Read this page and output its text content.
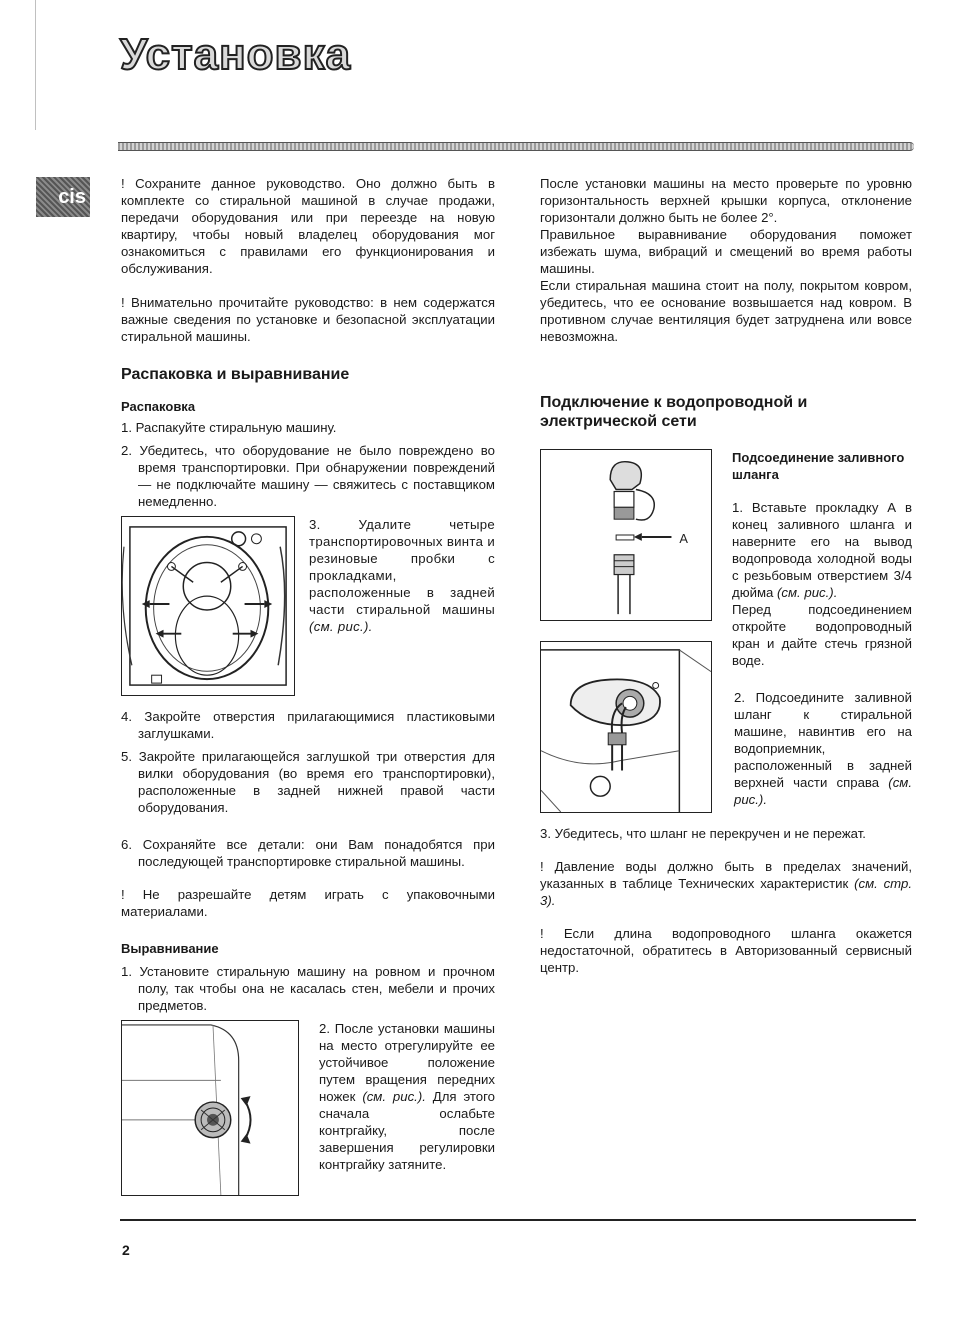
Установка
cis

! Сохраните данное руководство. Оно должно быть в комплекте со стиральной машиной в случае продажи, передачи оборудования или при переезде на новую квартиру, чтобы новый владелец оборудования мог ознакомиться с правилами его функционирования и обслуживания.

! Внимательно прочитайте руководство: в нем содержатся важные сведения по установке и безопасной эксплуатации стиральной машины.

Распаковка и выравнивание
Распаковка

1. Распакуйте стиральную машину.

2. Убедитесь, что оборудование не было повреждено во время транспортировки. При обнаружении повреждений — не подключайте машину — свяжитесь с поставщиком немедленно.

3. Удалите четыре транспортировочных винта и резиновые пробки с прокладками, расположенные в задней части стиральной машины (см. рис.).

4. Закройте отверстия прилагающимися пластиковыми заглушками.

5. Закройте прилагающейся заглушкой три отверстия для вилки оборудования (во время его транспортировки), расположенные в задней нижней правой части оборудования.

6. Сохраняйте все детали: они Вам понадобятся при последующей транспортировке стиральной машины.

! Не разрешайте детям играть с упаковочными материалами.

Выравнивание

1. Установите стиральную машину на ровном и прочном полу, так чтобы она не касалась стен, мебели и прочих предметов.

2. После установки машины на место отрегулируйте ее устойчивое положение путем вращения передних ножек (см. рис.). Для этого сначала ослабьте контргайку, после завершения регулировки контргайку затяните.

После установки машины на место проверьте по уровню горизонтальность верхней крышки корпуса, отклонение горизонтали должно быть не более 2°.

Правильное выравнивание оборудования поможет избежать шума, вибраций и смещений во время работы машины.

Если стиральная машина стоит на полу, покрытом ковром, убедитесь, что ее основание возвышается над ковром. В противном случае вентиляция будет затруднена или вовсе невозможна.

Подключение к водопроводной и электрической сети
А
Подсоединение заливного шланга

1. Вставьте прокладку А в конец заливного шланга и наверните его на вывод водопровода холодной воды с резьбовым отверстием 3/4 дюйма (см. рис.).

Перед подсоединением откройте водопроводный кран и дайте стечь грязной воде.

2. Подсоедините заливной шланг к стиральной машине, навинтив его на водоприемник, расположенный в задней верхней части справа (см. рис.).

3. Убедитесь, что шланг не перекручен и не пережат.

! Давление воды должно быть в пределах значений, указанных в таблице Технических характеристик (см. стр. 3).

! Если длина водопроводного шланга окажется недостаточной, обратитесь в Авторизованный сервисный центр.

2
